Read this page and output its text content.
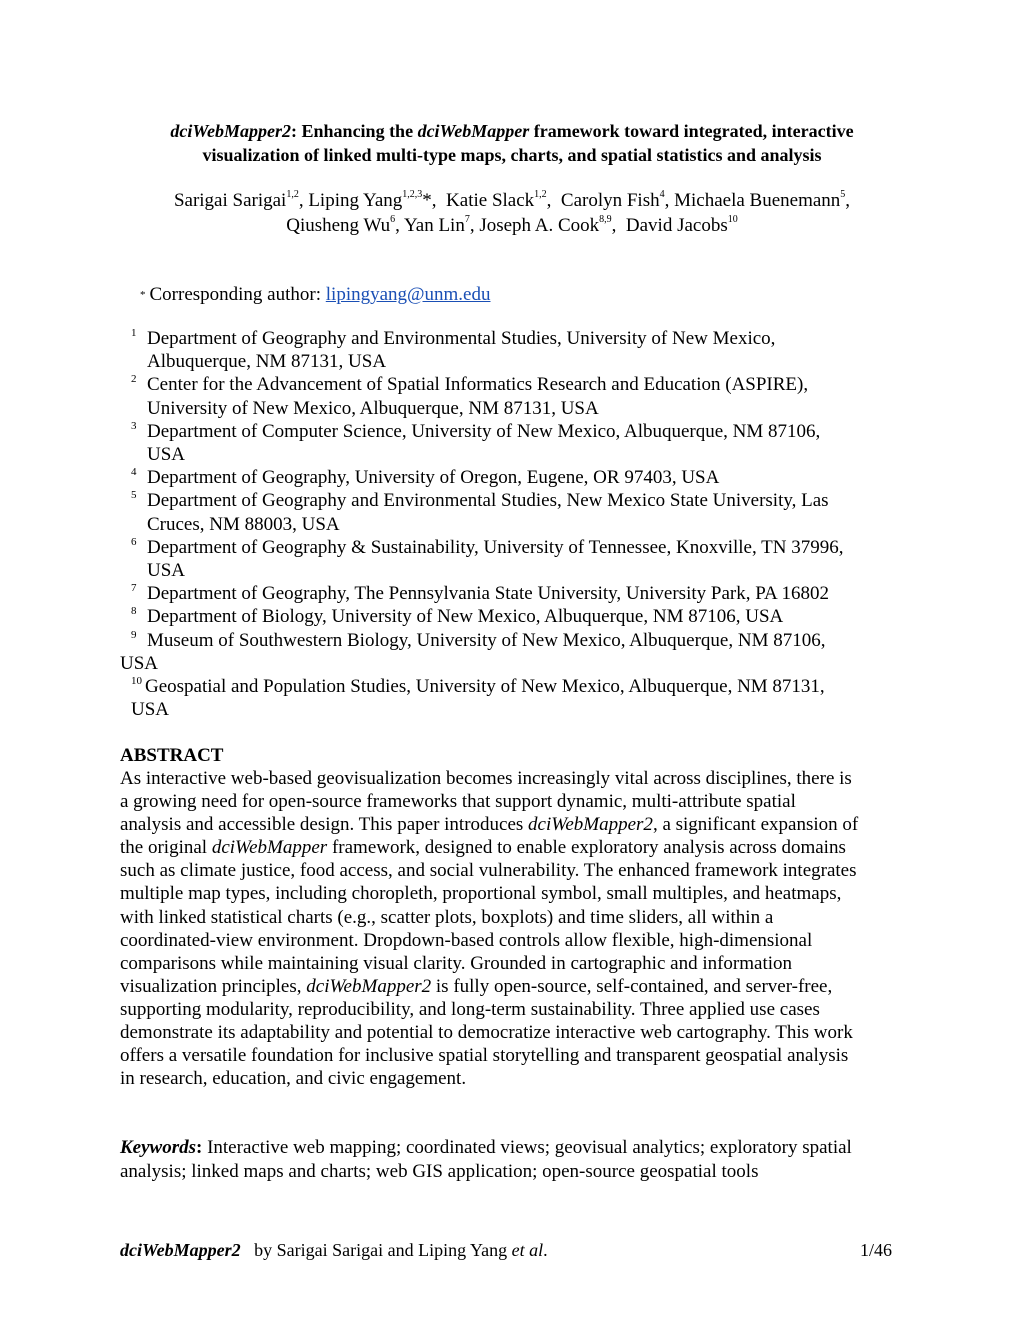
dciWebMapper2: Enhancing the dciWebMapper framework toward integrated, interactive
visualization of linked multi-type maps, charts, and spatial statistics and analysis
Sarigai Sarigai$^{1,2}$, Liping Yang$^{1,2,3}$*,  Katie Slack$^{1,2}$,  Carolyn Fish$^4$, Michaela Buenemann$^5$,
Qiusheng Wu$^6$, Yan Lin$^7$, Joseph A. Cook$^{8,9}$,  David Jacobs$^{10}$
* Corresponding author: lipingyang@unm.edu
1 Department of Geography and Environmental Studies, University of New Mexico,
Albuquerque, NM 87131, USA
2 Center for the Advancement of Spatial Informatics Research and Education (ASPIRE),
University of New Mexico, Albuquerque, NM 87131, USA
3 Department of Computer Science, University of New Mexico, Albuquerque, NM 87106,
USA
4 Department of Geography, University of Oregon, Eugene, OR 97403, USA
5 Department of Geography and Environmental Studies, New Mexico State University, Las
Cruces, NM 88003, USA
6 Department of Geography & Sustainability, University of Tennessee, Knoxville, TN 37996,
USA
7 Department of Geography, The Pennsylvania State University, University Park, PA 16802
8 Department of Biology, University of New Mexico, Albuquerque, NM 87106, USA
9 Museum of Southwestern Biology, University of New Mexico, Albuquerque, NM 87106,
USA
10 Geospatial and Population Studies, University of New Mexico, Albuquerque, NM 87131,
USA
ABSTRACT
As interactive web-based geovisualization becomes increasingly vital across disciplines, there is
a growing need for open-source frameworks that support dynamic, multi-attribute spatial
analysis and accessible design. This paper introduces dciWebMapper2, a significant expansion of
the original dciWebMapper framework, designed to enable exploratory analysis across domains
such as climate justice, food access, and social vulnerability. The enhanced framework integrates
multiple map types, including choropleth, proportional symbol, small multiples, and heatmaps,
with linked statistical charts (e.g., scatter plots, boxplots) and time sliders, all within a
coordinated-view environment. Dropdown-based controls allow flexible, high-dimensional
comparisons while maintaining visual clarity. Grounded in cartographic and information
visualization principles, dciWebMapper2 is fully open-source, self-contained, and server-free,
supporting modularity, reproducibility, and long-term sustainability. Three applied use cases
demonstrate its adaptability and potential to democratize interactive web cartography. This work
offers a versatile foundation for inclusive spatial storytelling and transparent geospatial analysis
in research, education, and civic engagement.
Keywords: Interactive web mapping; coordinated views; geovisual analytics; exploratory spatial
analysis; linked maps and charts; web GIS application; open-source geospatial tools
dciWebMapper2   by Sarigai Sarigai and Liping Yang et al.	1/46
